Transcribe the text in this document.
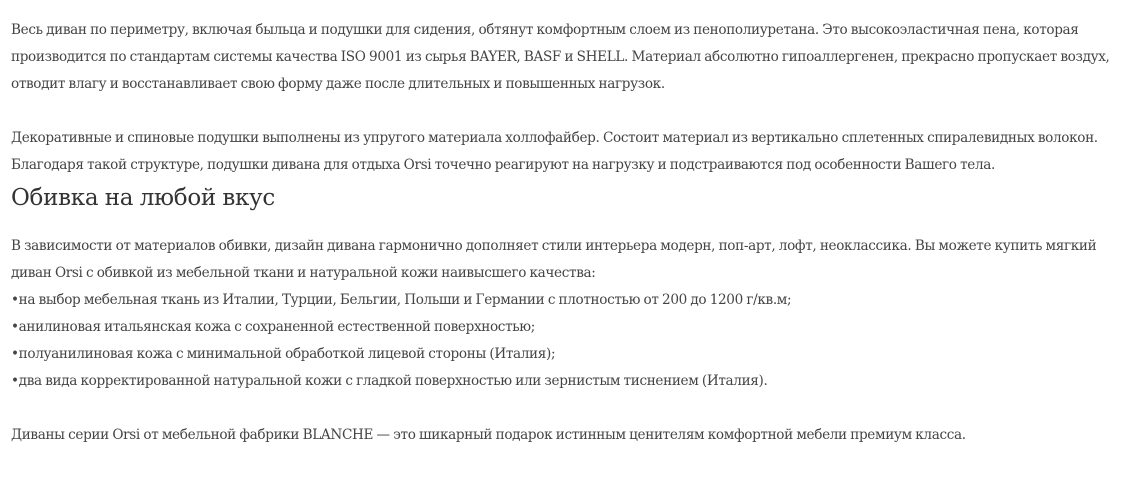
Весь диван по периметру, включая быльца и подушки для сидения, обтянут комфортным слоем из пенополиуретана. Это высокоэластичная пена, которая
производится по стандартам системы качества ISO 9001 из сырья BAYER, BASF и SHELL. Материал абсолютно гипоаллергенен, прекрасно пропускает воздух,
отводит влагу и восстанавливает свою форму даже после длительных и повышенных нагрузок.

Декоративные и спиновые подушки выполнены из упругого материала холлофайбер. Состоит материал из вертикально сплетенных спиралевидных волокон.
Благодаря такой структуре, подушки дивана для отдыха Orsi точечно реагируют на нагрузку и подстраиваются под особенности Вашего тела.

Обивка на любой вкус

В зависимости от материалов обивки, дизайн дивана гармонично дополняет стили интерьера модерн, поп-арт, лофт, неоклассика. Вы можете купить мягкий
диван Orsi с обивкой из мебельной ткани и натуральной кожи наивысшего качества:

•на выбор мебельная ткань из Италии, Турции, Бельгии, Польши и Германии с плотностью от 200 до 1200 г/кв.м;
•анилиновая итальянская кожа с сохраненной естественной поверхностью;
•полуанилиновая кожа с минимальной обработкой лицевой стороны (Италия);
•два вида корректированной натуральной кожи с гладкой поверхностью или зернистым тиснением (Италия).

Диваны серии Orsi от мебельной фабрики BLANCHE — это шикарный подарок истинным ценителям комфортной мебели премиум класса.
